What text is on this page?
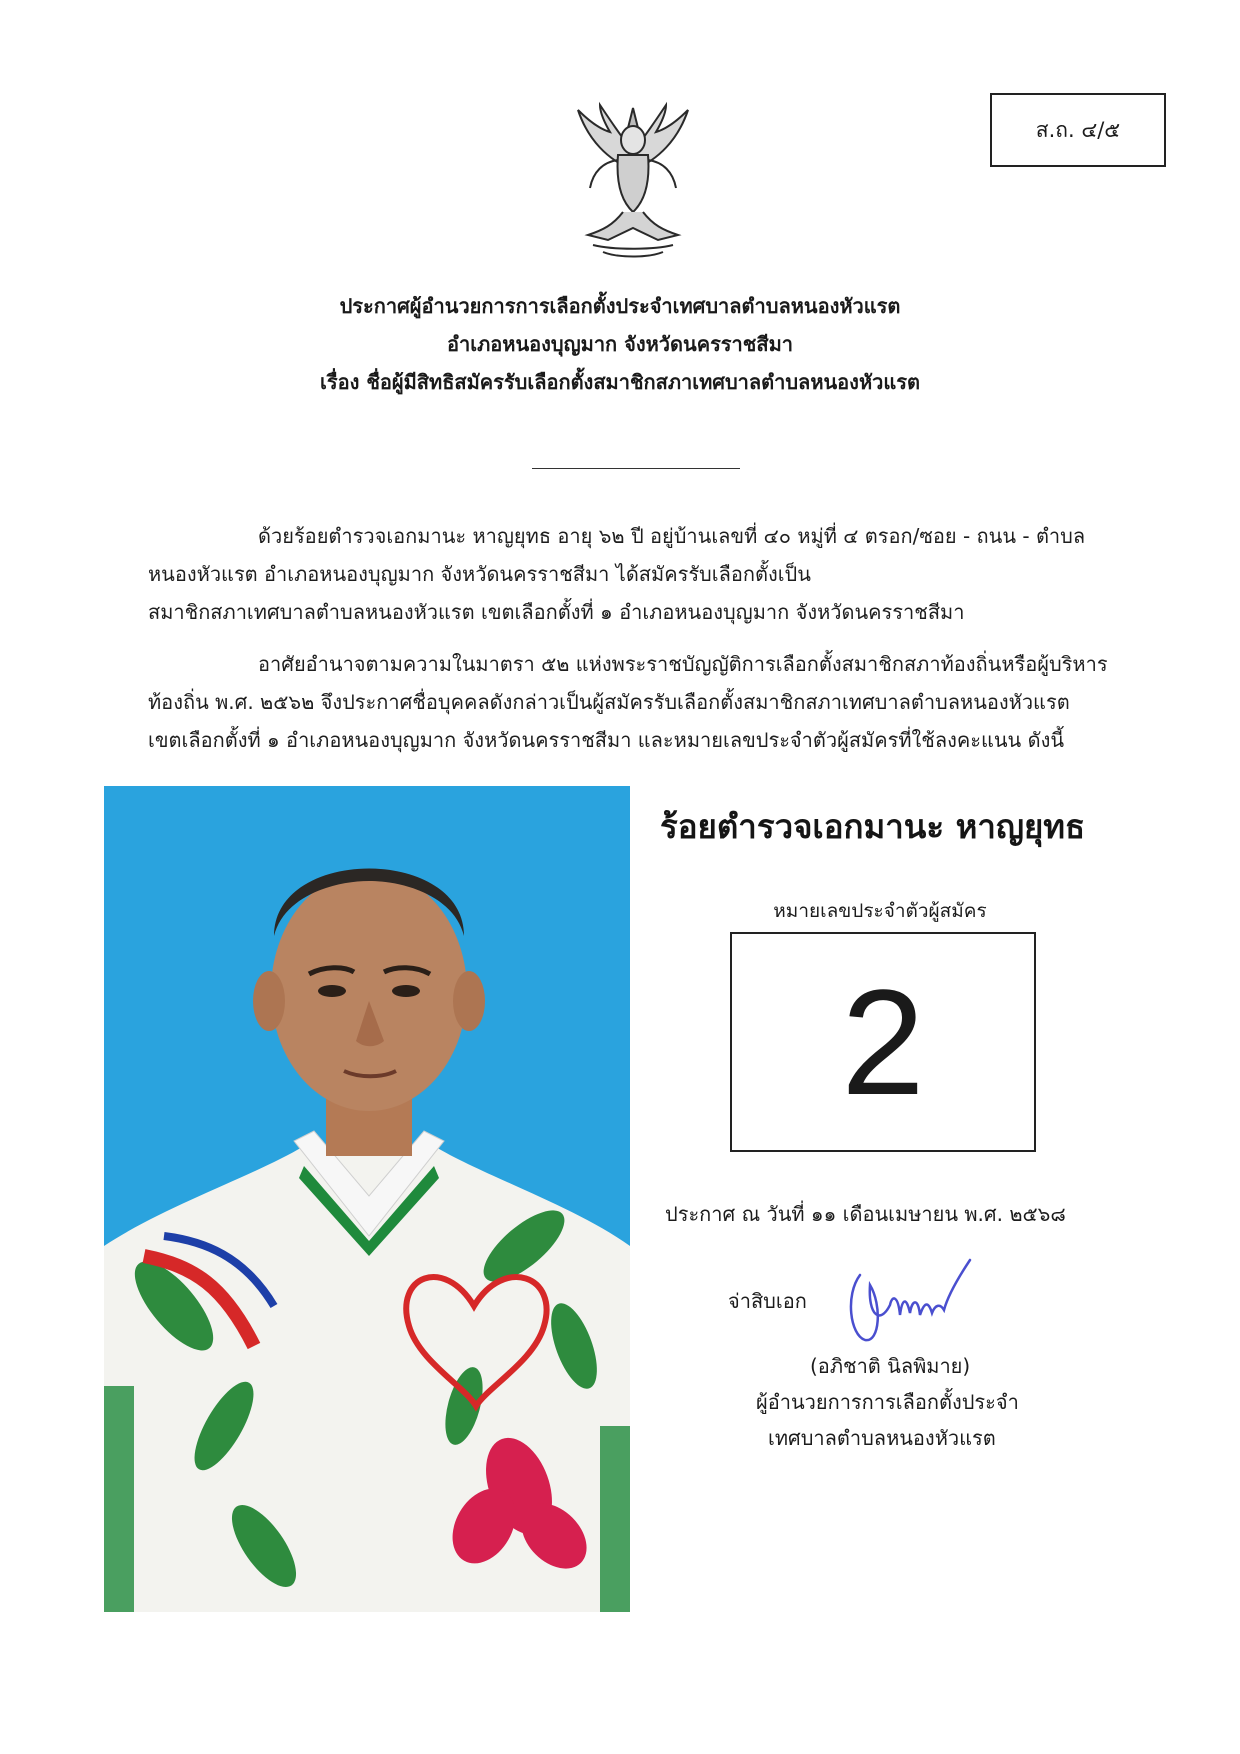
ส.ถ. ๔/๕
ประกาศผู้อำนวยการการเลือกตั้งประจำเทศบาลตำบลหนองหัวแรต
อำเภอหนองบุญมาก จังหวัดนครราชสีมา
เรื่อง ชื่อผู้มีสิทธิสมัครรับเลือกตั้งสมาชิกสภาเทศบาลตำบลหนองหัวแรต
ด้วยร้อยตำรวจเอกมานะ หาญยุทธ อายุ ๖๒ ปี อยู่บ้านเลขที่ ๔๐ หมู่ที่ ๔ ตรอก/ซอย - ถนน - ตำบล
หนองหัวแรต อำเภอหนองบุญมาก จังหวัดนครราชสีมา ได้สมัครรับเลือกตั้งเป็น
สมาชิกสภาเทศบาลตำบลหนองหัวแรต เขตเลือกตั้งที่ ๑ อำเภอหนองบุญมาก จังหวัดนครราชสีมา
อาศัยอำนาจตามความในมาตรา ๕๒ แห่งพระราชบัญญัติการเลือกตั้งสมาชิกสภาท้องถิ่นหรือผู้บริหาร
ท้องถิ่น พ.ศ. ๒๕๖๒ จึงประกาศชื่อบุคคลดังกล่าวเป็นผู้สมัครรับเลือกตั้งสมาชิกสภาเทศบาลตำบลหนองหัวแรต
เขตเลือกตั้งที่ ๑ อำเภอหนองบุญมาก จังหวัดนครราชสีมา และหมายเลขประจำตัวผู้สมัครที่ใช้ลงคะแนน ดังนี้
ร้อยตำรวจเอกมานะ หาญยุทธ
หมายเลขประจำตัวผู้สมัคร
2
ประกาศ ณ วันที่ ๑๑ เดือนเมษายน พ.ศ. ๒๕๖๘
จ่าสิบเอก
(อภิชาติ นิลพิมาย)
ผู้อำนวยการการเลือกตั้งประจำ
เทศบาลตำบลหนองหัวแรต
